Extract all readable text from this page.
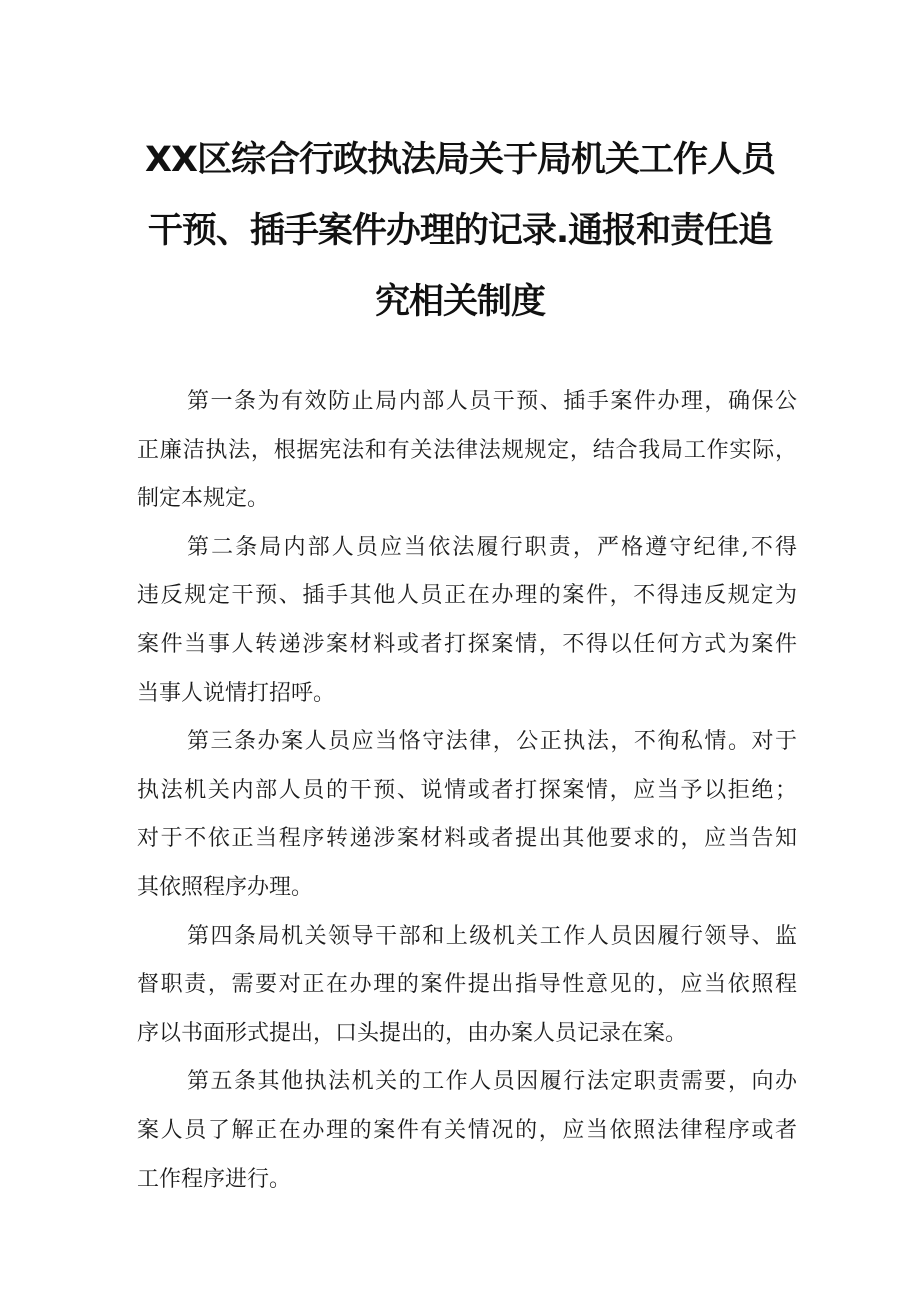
XX区综合行政执法局关于局机关工作人员
干预、插手案件办理的记录.通报和责任追
究相关制度
第一条为有效防止局内部人员干预、插手案件办理，确保公
正廉洁执法，根据宪法和有关法律法规规定，结合我局工作实际，
制定本规定。
第二条局内部人员应当依法履行职责，严格遵守纪律,不得
违反规定干预、插手其他人员正在办理的案件，不得违反规定为
案件当事人转递涉案材料或者打探案情，不得以任何方式为案件
当事人说情打招呼。
第三条办案人员应当恪守法律，公正执法，不徇私情。对于
执法机关内部人员的干预、说情或者打探案情，应当予以拒绝；
对于不依正当程序转递涉案材料或者提出其他要求的，应当告知
其依照程序办理。
第四条局机关领导干部和上级机关工作人员因履行领导、监
督职责，需要对正在办理的案件提出指导性意见的，应当依照程
序以书面形式提出，口头提出的，由办案人员记录在案。
第五条其他执法机关的工作人员因履行法定职责需要，向办
案人员了解正在办理的案件有关情况的，应当依照法律程序或者
工作程序进行。
